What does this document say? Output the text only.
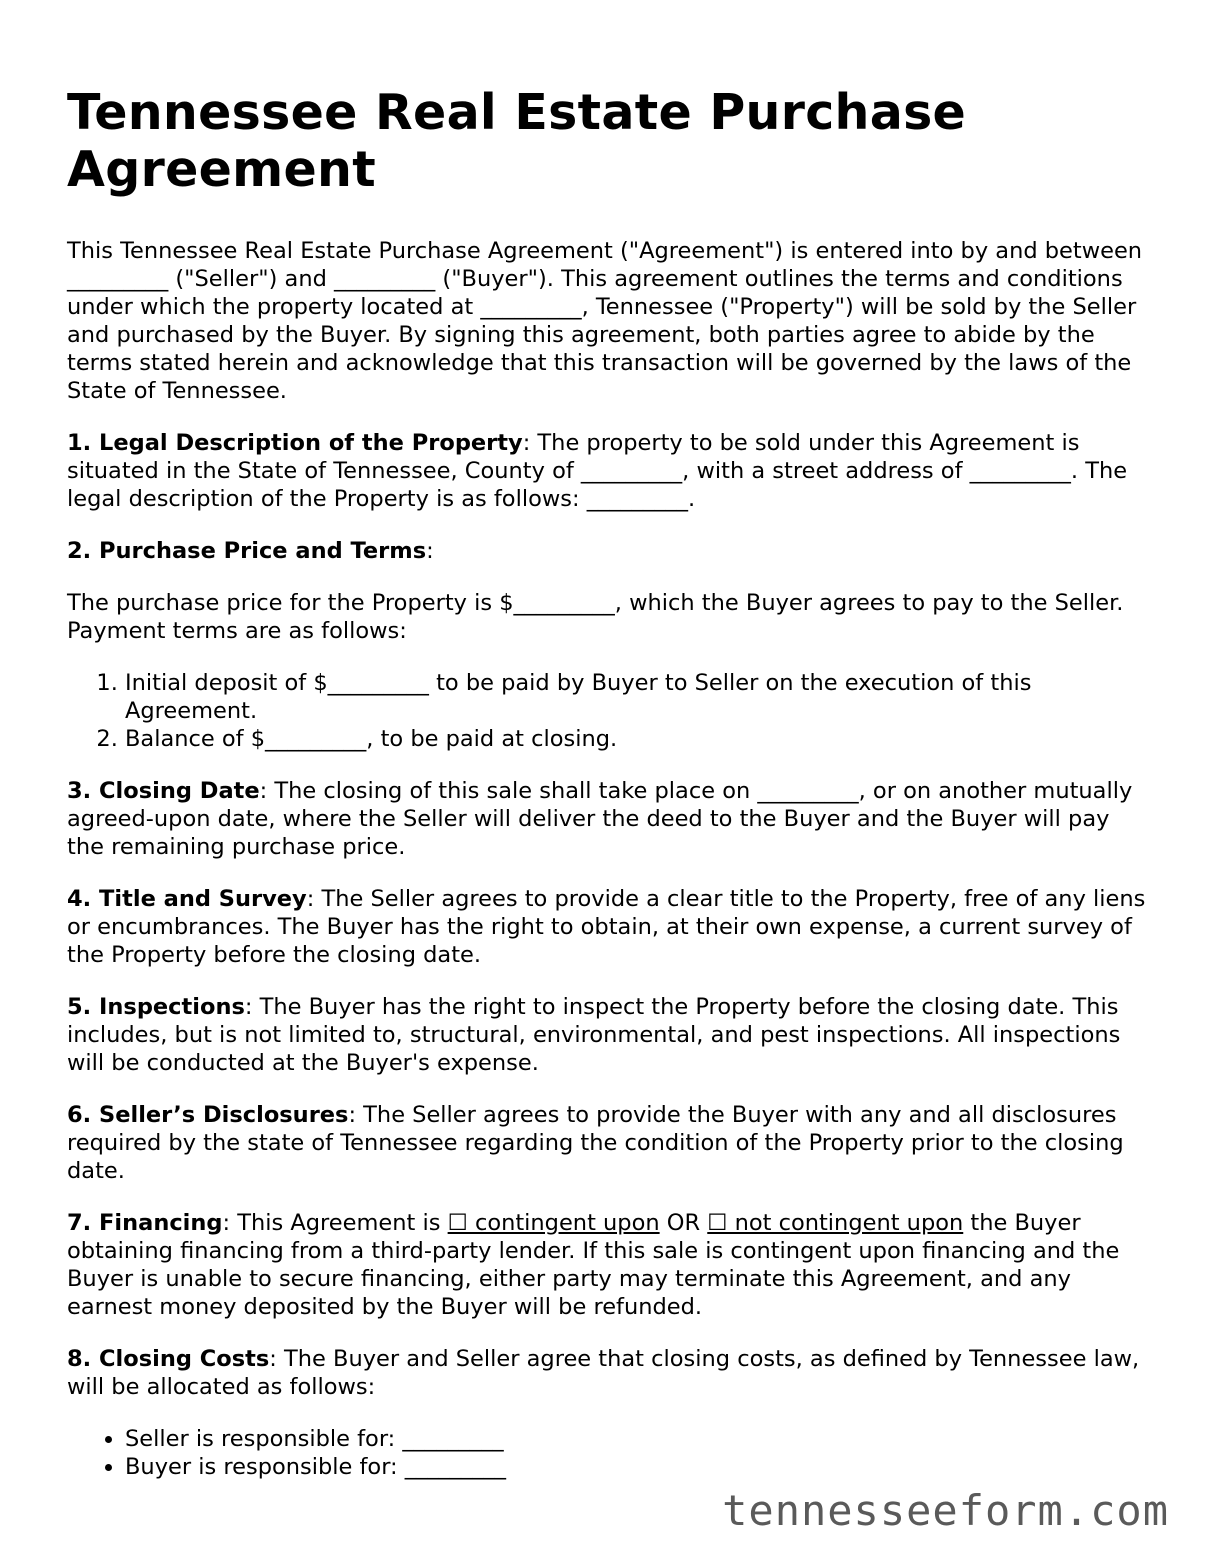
Tennessee Real Estate Purchase Agreement

This Tennessee Real Estate Purchase Agreement ("Agreement") is entered into by and between _________ ("Seller") and _________ ("Buyer"). This agreement outlines the terms and conditions under which the property located at _________, Tennessee ("Property") will be sold by the Seller and purchased by the Buyer. By signing this agreement, both parties agree to abide by the terms stated herein and acknowledge that this transaction will be governed by the laws of the State of Tennessee.

1. Legal Description of the Property: The property to be sold under this Agreement is situated in the State of Tennessee, County of _________, with a street address of _________. The legal description of the Property is as follows: _________.

2. Purchase Price and Terms:

The purchase price for the Property is $_________, which the Buyer agrees to pay to the Seller. Payment terms are as follows:

1. Initial deposit of $_________ to be paid by Buyer to Seller on the execution of this Agreement.
2. Balance of $_________, to be paid at closing.

3. Closing Date: The closing of this sale shall take place on _________, or on another mutually agreed-upon date, where the Seller will deliver the deed to the Buyer and the Buyer will pay the remaining purchase price.

4. Title and Survey: The Seller agrees to provide a clear title to the Property, free of any liens or encumbrances. The Buyer has the right to obtain, at their own expense, a current survey of the Property before the closing date.

5. Inspections: The Buyer has the right to inspect the Property before the closing date. This includes, but is not limited to, structural, environmental, and pest inspections. All inspections will be conducted at the Buyer's expense.

6. Seller’s Disclosures: The Seller agrees to provide the Buyer with any and all disclosures required by the state of Tennessee regarding the condition of the Property prior to the closing date.

7. Financing: This Agreement is ☐ contingent upon OR ☐ not contingent upon the Buyer obtaining financing from a third-party lender. If this sale is contingent upon financing and the Buyer is unable to secure financing, either party may terminate this Agreement, and any earnest money deposited by the Buyer will be refunded.

8. Closing Costs: The Buyer and Seller agree that closing costs, as defined by Tennessee law, will be allocated as follows:

• Seller is responsible for: _________
• Buyer is responsible for: _________
tennesseeform.com
